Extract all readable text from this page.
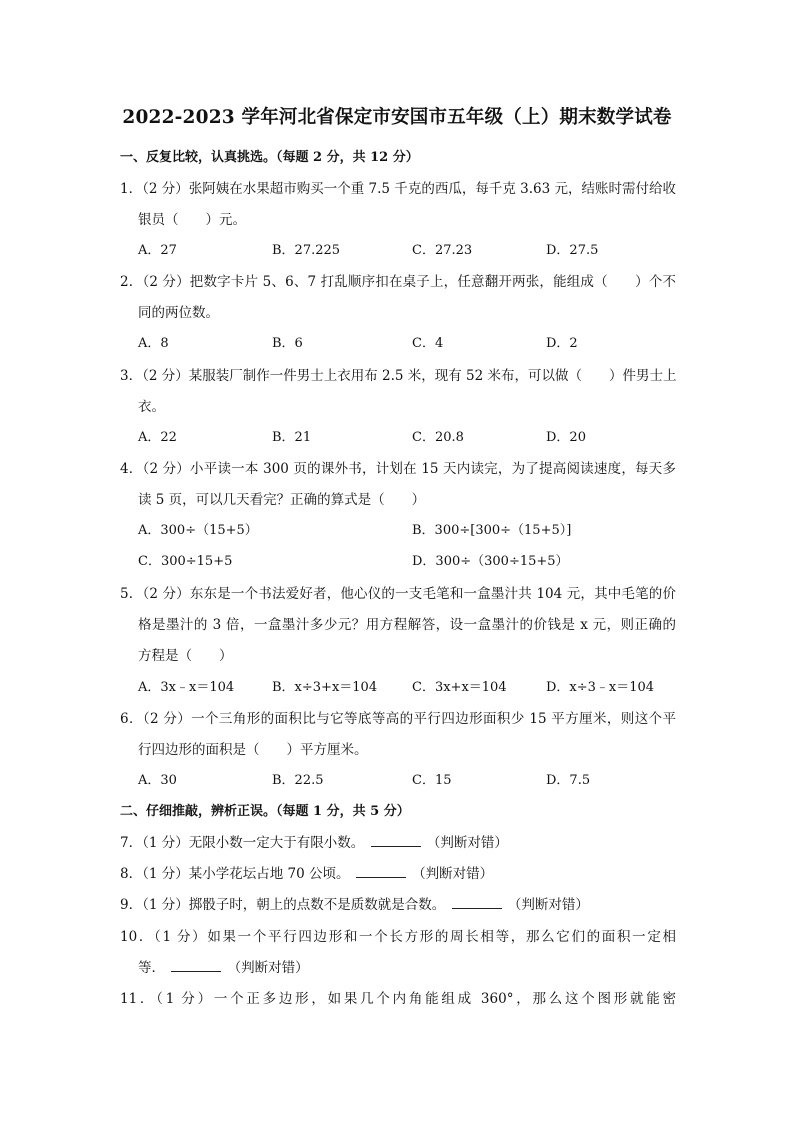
2022-2023 学年河北省保定市安国市五年级（上）期末数学试卷
一、反复比较，认真挑选。（每题 2 分，共 12 分）
1．（2 分）张阿姨在水果超市购买一个重 7.5 千克的西瓜，每千克 3.63 元，结账时需付给收
银员（　　）元。
A．27	B．27.225	C．27.23	D．27.5
2．（2 分）把数字卡片 5、6、7 打乱顺序扣在桌子上，任意翻开两张，能组成（　　）个不
同的两位数。
A．8	B．6	C．4	D．2
3．（2 分）某服装厂制作一件男士上衣用布 2.5 米，现有 52 米布，可以做（　　）件男士上
衣。
A．22	B．21	C．20.8	D．20
4．（2 分）小平读一本 300 页的课外书，计划在 15 天内读完，为了提高阅读速度，每天多
读 5 页，可以几天看完？正确的算式是（　　）
A．300÷（15+5）	B．300÷[300÷（15+5）]
C．300÷15+5	D．300÷（300÷15+5）
5．（2 分）东东是一个书法爱好者，他心仪的一支毛笔和一盒墨汁共 104 元，其中毛笔的价
格是墨汁的 3 倍，一盒墨汁多少元？用方程解答，设一盒墨汁的价钱是 x 元，则正确的
方程是（　　）
A．3x﹣x＝104	B．x÷3+x＝104	C．3x+x＝104	D．x÷3﹣x＝104
6．（2 分）一个三角形的面积比与它等底等高的平行四边形面积少 15 平方厘米，则这个平
行四边形的面积是（　　）平方厘米。
A．30	B．22.5	C．15	D．7.5
二、仔细推敲，辨析正误。（每题 1 分，共 5 分）
7．（1 分）无限小数一定大于有限小数。	（判断对错）
8．（1 分）某小学花坛占地 70 公顷。	（判断对错）
9．（1 分）掷骰子时，朝上的点数不是质数就是合数。	（判断对错）
10．（1 分）如果一个平行四边形和一个长方形的周长相等，那么它们的面积一定相
等．	（判断对错）
11．（1 分）一个正多边形，如果几个内角能组成 360°，那么这个图形就能密
